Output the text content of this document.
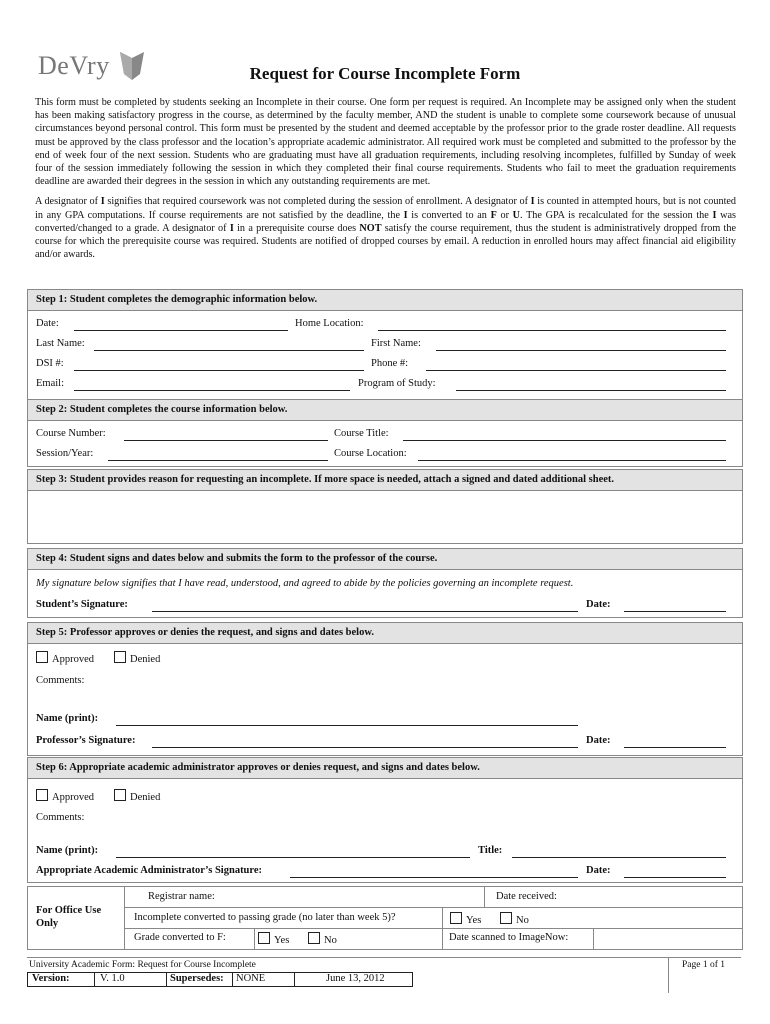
DeVry	Request for Course Incomplete Form

This form must be completed by students seeking an Incomplete in their course. One form per request is required. An Incomplete may be assigned only when the student has been making satisfactory progress in the course, as determined by the faculty member, AND the student is unable to complete some coursework because of unusual circumstances beyond personal control. This form must be presented by the student and deemed acceptable by the professor prior to the grade roster deadline. All requests must be approved by the class professor and the location’s appropriate academic administrator. All required work must be completed and submitted to the professor by the end of week four of the next session. Students who are graduating must have all graduation requirements, including resolving incompletes, fulfilled by Sunday of week four of the session immediately following the session in which they completed their final course requirements. Students who fail to meet the graduation requirements deadline are awarded their degrees in the session in which any outstanding requirements are met.

A designator of I signifies that required coursework was not completed during the session of enrollment. A designator of I is counted in attempted hours, but is not counted in any GPA computations. If course requirements are not satisfied by the deadline, the I is converted to an F or U. The GPA is recalculated for the session the I was converted/changed to a grade. A designator of I in a prerequisite course does NOT satisfy the course requirement, thus the student is administratively dropped from the course for which the prerequisite course was required. Students are notified of dropped courses by email. A reduction in enrolled hours may affect financial aid eligibility and/or awards.

Step 1: Student completes the demographic information below.
Date:	Home Location:
Last Name:	First Name:
DSI #:	Phone #:
Email:	Program of Study:
Step 2: Student completes the course information below.
Course Number:	Course Title:
Session/Year:	Course Location:
Step 3: Student provides reason for requesting an incomplete. If more space is needed, attach a signed and dated additional sheet.
Step 4: Student signs and dates below and submits the form to the professor of the course.
My signature below signifies that I have read, understood, and agreed to abide by the policies governing an incomplete request.
Student’s Signature:	Date:
Step 5: Professor approves or denies the request, and signs and dates below.
Approved	Denied
Comments:
Name (print):
Professor’s Signature:	Date:
Step 6: Appropriate academic administrator approves or denies request, and signs and dates below.
Approved	Denied
Comments:
Name (print):	Title:
Appropriate Academic Administrator’s Signature:	Date:
For Office Use Only
Registrar name:	Date received:
Incomplete converted to passing grade (no later than week 5)?	Yes	No
Grade converted to F:	Yes	No	Date scanned to ImageNow:
University Academic Form: Request for Course Incomplete	Page 1 of 1
Version:	V. 1.0	Supersedes: NONE	June 13, 2012
